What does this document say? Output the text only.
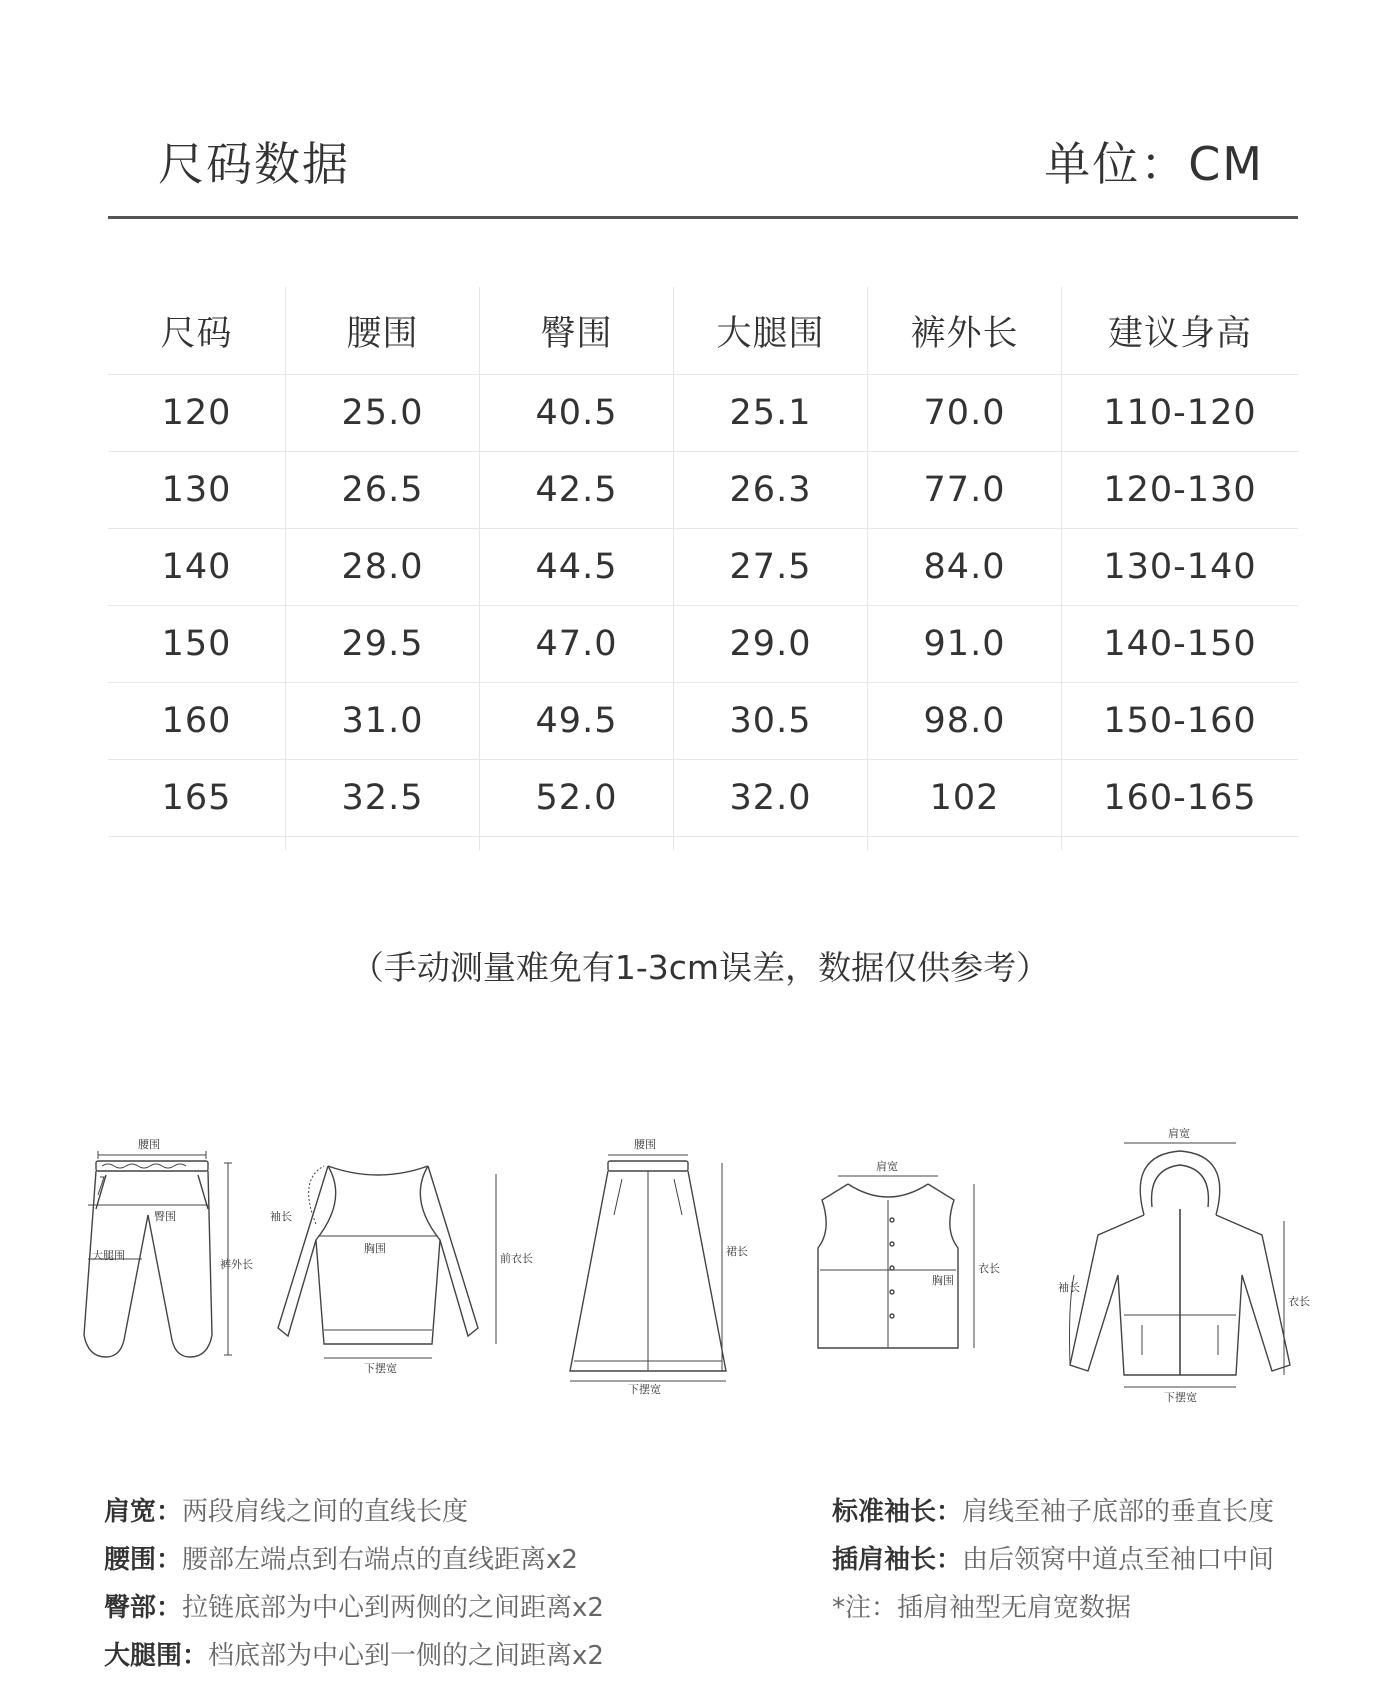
尺码数据	单位：CM
尺码	腰围	臀围	大腿围	裤外长	建议身高
120	25.0	40.5	25.1	70.0	110-120
130	26.5	42.5	26.3	77.0	120-130
140	28.0	44.5	27.5	84.0	130-140
150	29.5	47.0	29.0	91.0	140-150
160	31.0	49.5	30.5	98.0	150-160
165	32.5	52.0	32.0	102	160-165
（手动测量难免有1-3cm误差，数据仅供参考）
腰围
臀围
大腿围
裤外长
袖长
胸围
前衣长
下摆宽
腰围
裙长
下摆宽
肩宽
胸围
衣长
肩宽
袖长
衣长
下摆宽
肩宽：两段肩线之间的直线长度
腰围：腰部左端点到右端点的直线距离x2
臀部：拉链底部为中心到两侧的之间距离x2
大腿围：档底部为中心到一侧的之间距离x2
标准袖长：肩线至袖子底部的垂直长度
插肩袖长：由后领窝中道点至袖口中间
*注：插肩袖型无肩宽数据
